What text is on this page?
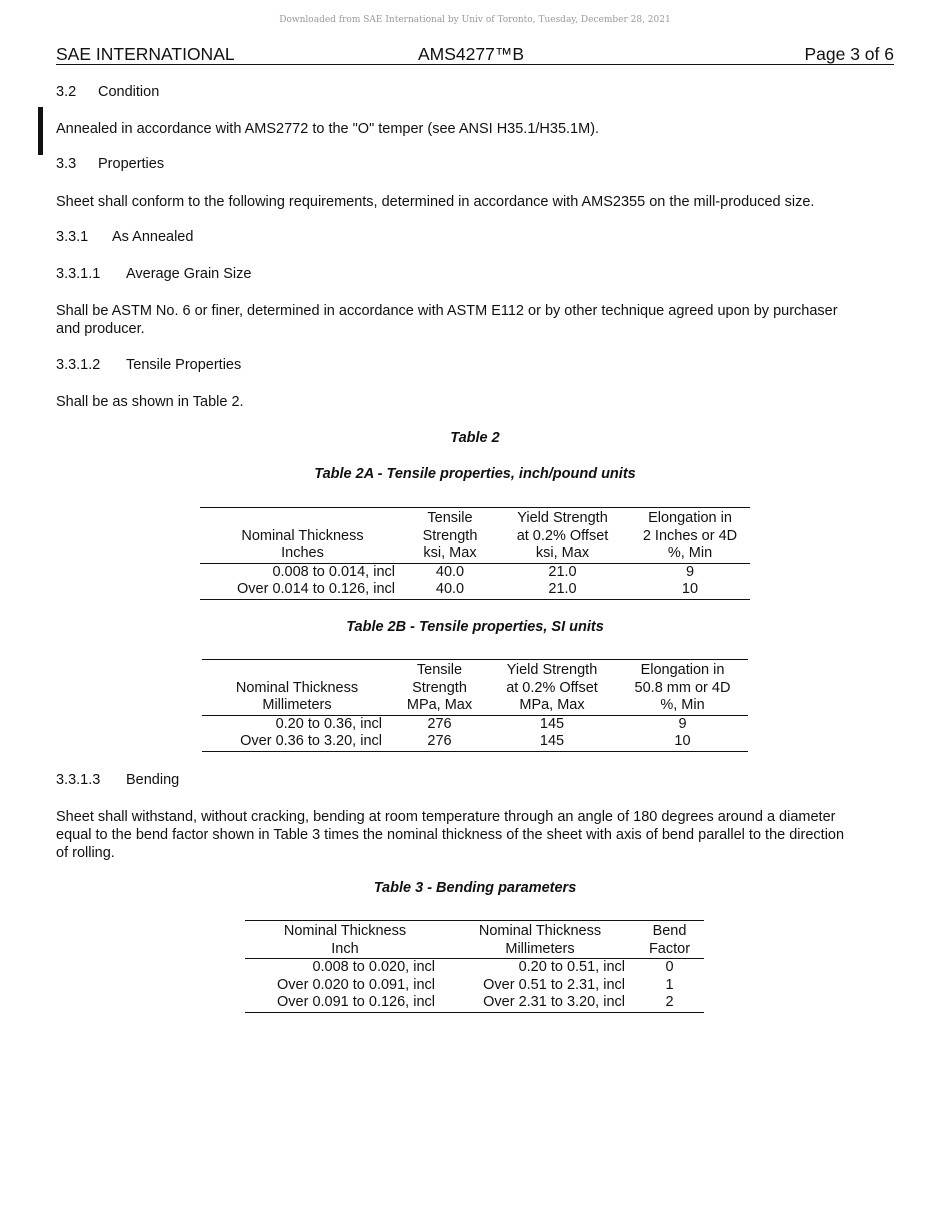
Downloaded from SAE International by Univ of Toronto, Tuesday, December 28, 2021
SAE INTERNATIONAL	AMS4277™B	Page 3 of 6
3.2 Condition
Annealed in accordance with AMS2772 to the "O" temper (see ANSI H35.1/H35.1M).
3.3 Properties
Sheet shall conform to the following requirements, determined in accordance with AMS2355 on the mill-produced size.
3.3.1 As Annealed
3.3.1.1 Average Grain Size
Shall be ASTM No. 6 or finer, determined in accordance with ASTM E112 or by other technique agreed upon by purchaser
and producer.
3.3.1.2 Tensile Properties
Shall be as shown in Table 2.
Table 2
Table 2A - Tensile properties, inch/pound units
	Tensile	Yield Strength	Elongation in
Nominal Thickness	Strength	at 0.2% Offset	2 Inches or 4D
Inches	ksi, Max	ksi, Max	%, Min
0.008 to 0.014, incl	40.0	21.0	9
Over 0.014 to 0.126, incl	40.0	21.0	10
Table 2B - Tensile properties, SI units
	Tensile	Yield Strength	Elongation in
Nominal Thickness	Strength	at 0.2% Offset	50.8 mm or 4D
Millimeters	MPa, Max	MPa, Max	%, Min
0.20 to 0.36, incl	276	145	9
Over 0.36 to 3.20, incl	276	145	10
3.3.1.3 Bending
Sheet shall withstand, without cracking, bending at room temperature through an angle of 180 degrees around a diameter
equal to the bend factor shown in Table 3 times the nominal thickness of the sheet with axis of bend parallel to the direction
of rolling.
Table 3 - Bending parameters
Nominal Thickness	Nominal Thickness	Bend
Inch	Millimeters	Factor
0.008 to 0.020, incl	0.20 to 0.51, incl	0
Over 0.020 to 0.091, incl	Over 0.51 to 2.31, incl	1
Over 0.091 to 0.126, incl	Over 2.31 to 3.20, incl	2
